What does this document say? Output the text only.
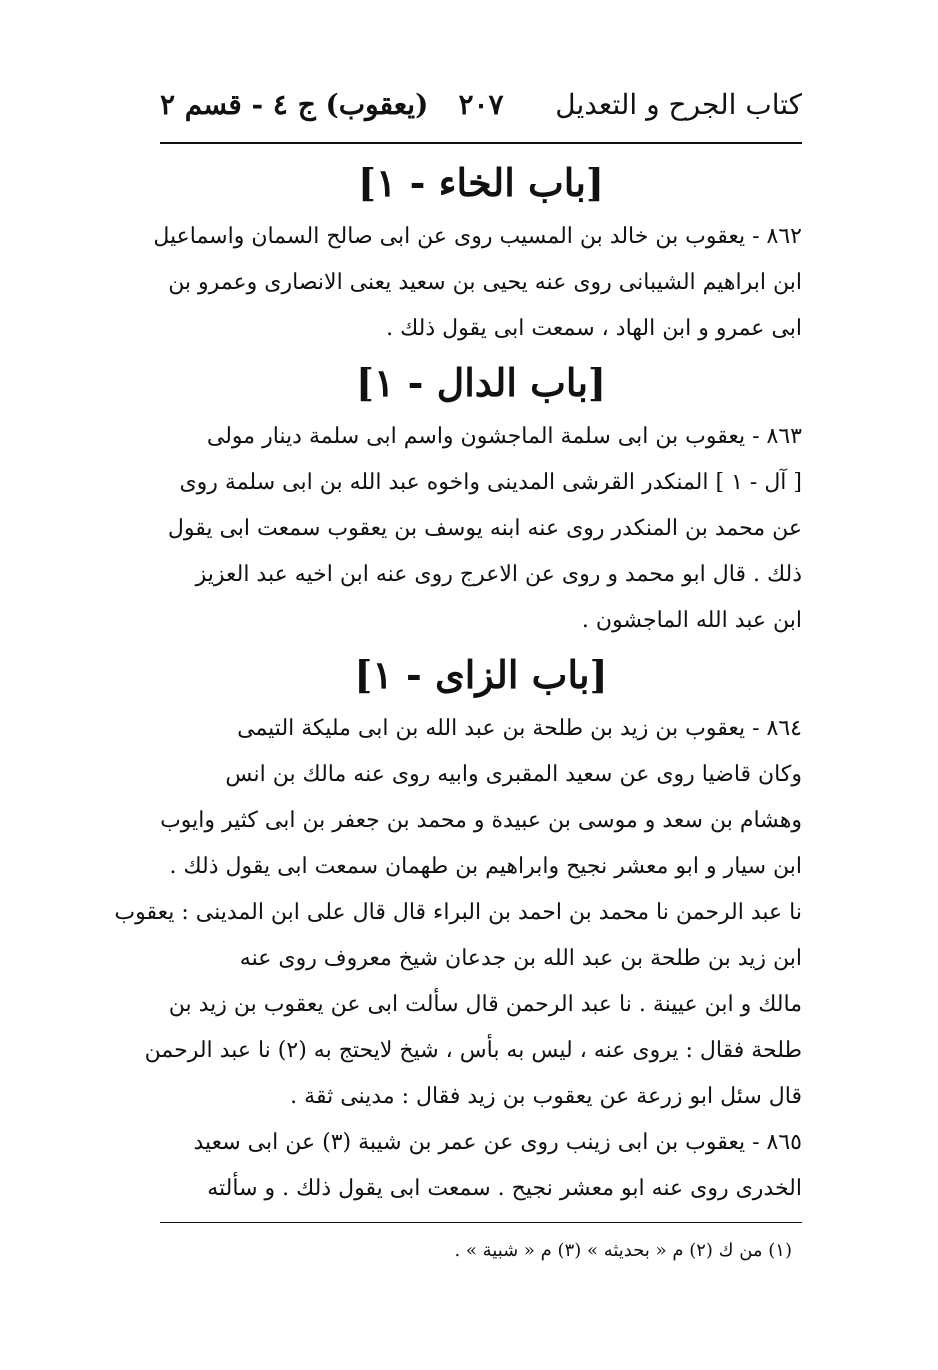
كتاب الجرح و التعديل
٢٠٧
(يعقوب) ج ٤ - قسم ٢
[باب الخاء - ١]

٨٦٢ - يعقوب بن خالد بن المسيب روى عن ابى صالح السمان واسماعيل
ابن ابراهيم الشيبانى روى عنه يحيى بن سعيد يعنى الانصارى وعمرو بن
ابى عمرو و ابن الهاد ، سمعت ابى يقول ذلك .

[باب الدال - ١]

٨٦٣ - يعقوب بن ابى سلمة الماجشون واسم ابى سلمة دينار مولى
[ آل - ١ ] المنكدر القرشى المدينى واخوه عبد الله بن ابى سلمة روى
عن محمد بن المنكدر روى عنه ابنه يوسف بن يعقوب سمعت ابى يقول
ذلك . قال ابو محمد و روى عن الاعرج روى عنه ابن اخيه عبد العزيز
ابن عبد الله الماجشون .

[باب الزاى - ١]

٨٦٤ - يعقوب بن زيد بن طلحة بن عبد الله بن ابى مليكة التيمى
وكان قاضيا روى عن سعيد المقبرى وابيه روى عنه مالك بن انس
وهشام بن سعد و موسى بن عبيدة و محمد بن جعفر بن ابى كثير وايوب
ابن سيار و ابو معشر نجيح وابراهيم بن طهمان سمعت ابى يقول ذلك .
نا عبد الرحمن نا محمد بن احمد بن البراء قال قال على ابن المدينى : يعقوب
ابن زيد بن طلحة بن عبد الله بن جدعان شيخ معروف روى عنه
مالك و ابن عيينة . نا عبد الرحمن قال سألت ابى عن يعقوب بن زيد بن
طلحة فقال : يروى عنه ، ليس به بأس ، شيخ لايحتج به (٢) نا عبد الرحمن
قال سئل ابو زرعة عن يعقوب بن زيد فقال : مدينى ثقة .

٨٦٥ - يعقوب بن ابى زينب روى عن عمر بن شيبة (٣) عن ابى سعيد
الخدرى روى عنه ابو معشر نجيح . سمعت ابى يقول ذلك . و سألته

(١) من ك (٢) م « بحديثه » (٣) م « شبية » .
